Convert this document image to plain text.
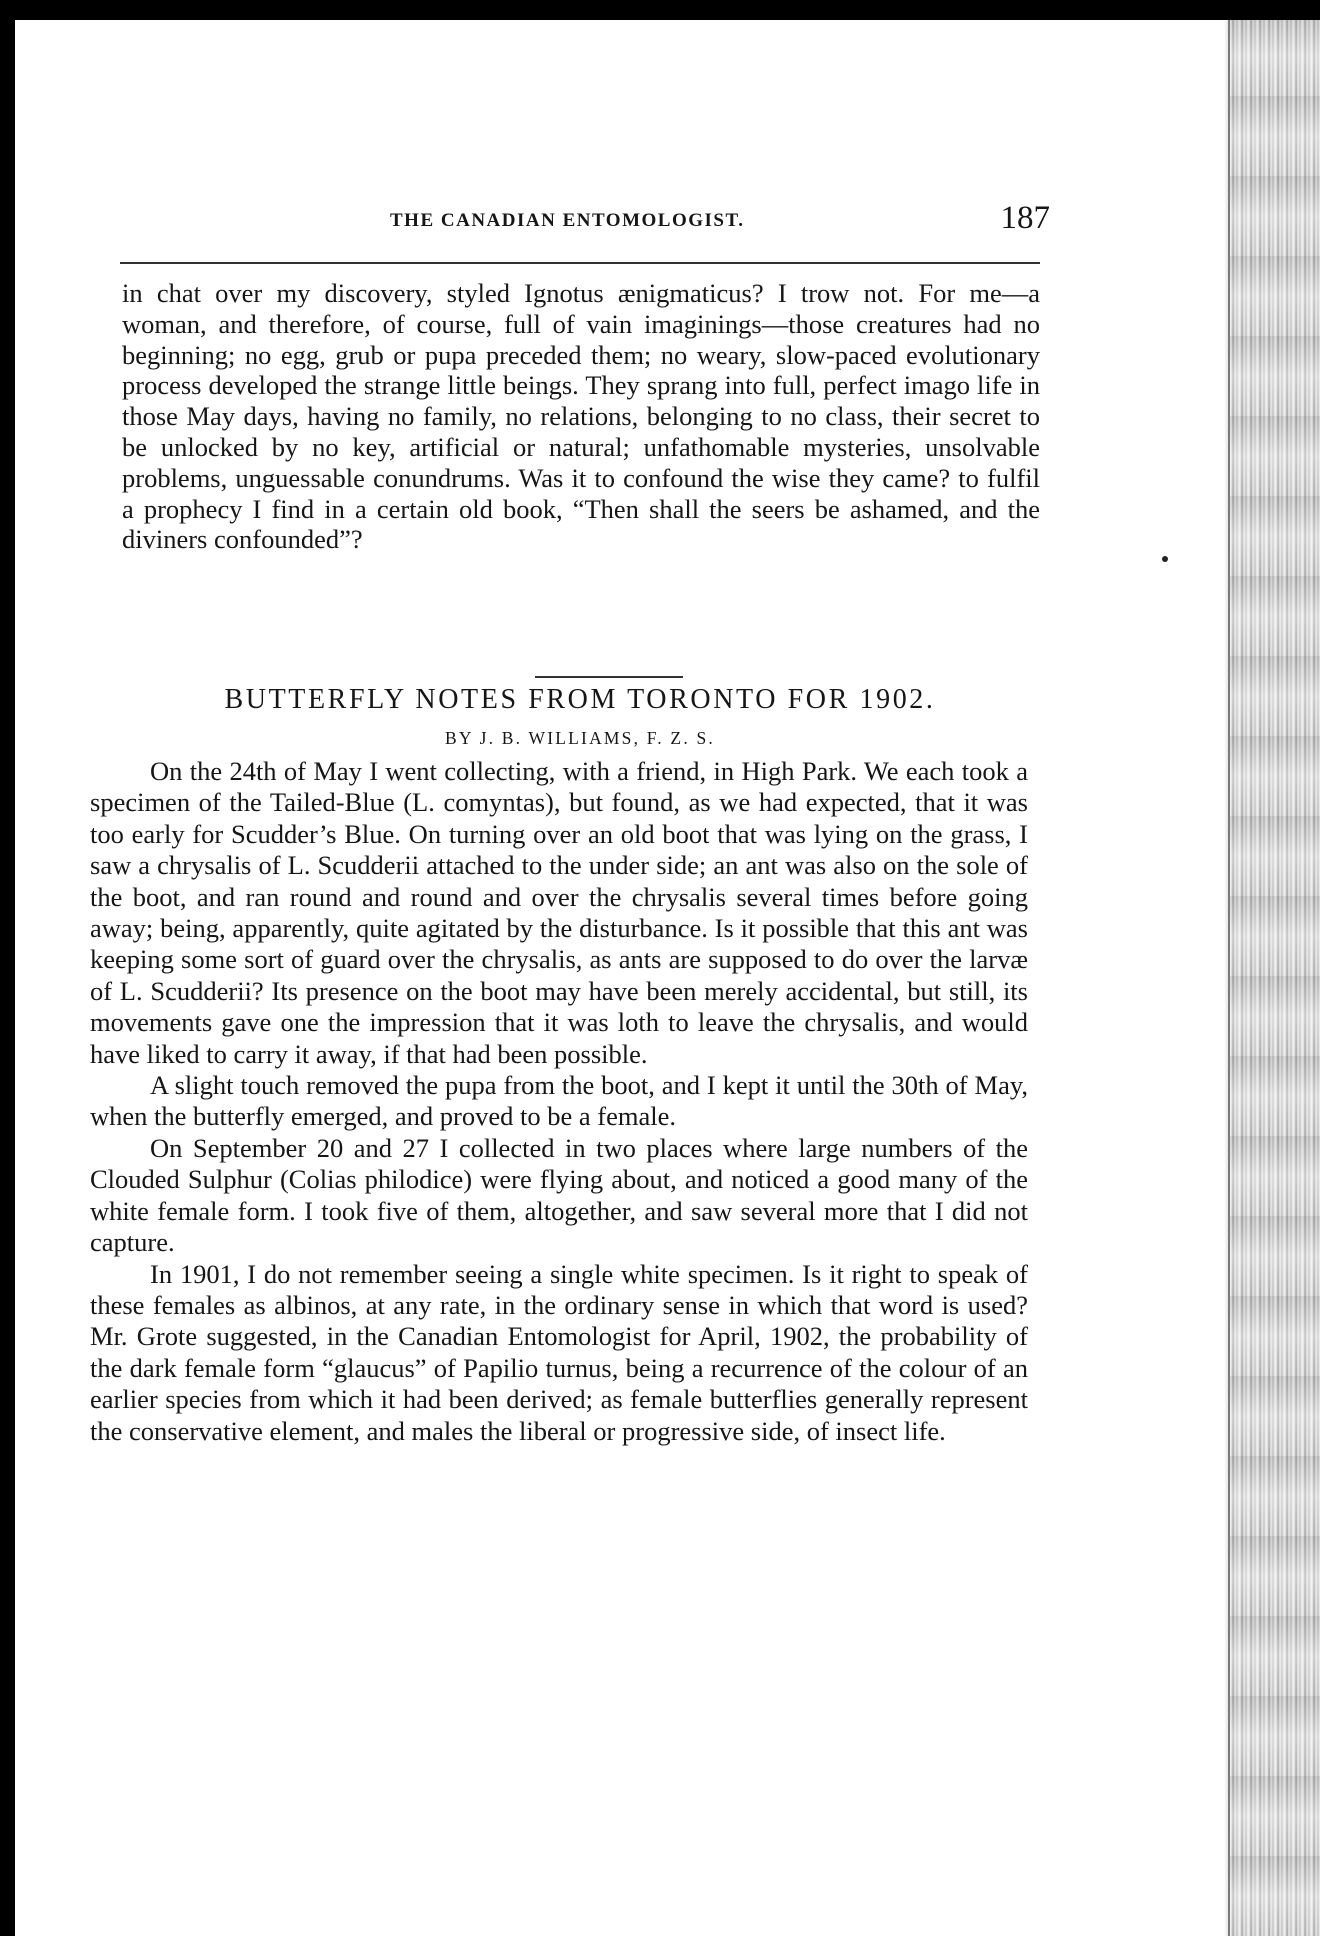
THE CANADIAN ENTOMOLOGIST.	187

in chat over my discovery, styled Ignotus ænigmaticus? I trow not. For me—a woman, and therefore, of course, full of vain imaginings—those creatures had no beginning; no egg, grub or pupa preceded them; no weary, slow-paced evolutionary process developed the strange little beings. They sprang into full, perfect imago life in those May days, having no family, no relations, belonging to no class, their secret to be unlocked by no key, artificial or natural; unfathomable mysteries, unsolvable problems, unguessable conundrums. Was it to confound the wise they came? to fulfil a prophecy I find in a certain old book, “Then shall the seers be ashamed, and the diviners confounded”?

BUTTERFLY NOTES FROM TORONTO FOR 1902.
BY J. B. WILLIAMS, F. Z. S.

On the 24th of May I went collecting, with a friend, in High Park. We each took a specimen of the Tailed-Blue (L. comyntas), but found, as we had expected, that it was too early for Scudder’s Blue. On turning over an old boot that was lying on the grass, I saw a chrysalis of L. Scudderii attached to the under side; an ant was also on the sole of the boot, and ran round and round and over the chrysalis several times before going away; being, apparently, quite agitated by the disturbance. Is it possible that this ant was keeping some sort of guard over the chrysalis, as ants are supposed to do over the larvæ of L. Scudderii? Its presence on the boot may have been merely accidental, but still, its movements gave one the impression that it was loth to leave the chrysalis, and would have liked to carry it away, if that had been possible.

A slight touch removed the pupa from the boot, and I kept it until the 30th of May, when the butterfly emerged, and proved to be a female.

On September 20 and 27 I collected in two places where large numbers of the Clouded Sulphur (Colias philodice) were flying about, and noticed a good many of the white female form. I took five of them, altogether, and saw several more that I did not capture.

In 1901, I do not remember seeing a single white specimen. Is it right to speak of these females as albinos, at any rate, in the ordinary sense in which that word is used? Mr. Grote suggested, in the Canadian Entomologist for April, 1902, the probability of the dark female form “glaucus” of Papilio turnus, being a recurrence of the colour of an earlier species from which it had been derived; as female butterflies generally represent the conservative element, and males the liberal or progressive side, of insect life.
